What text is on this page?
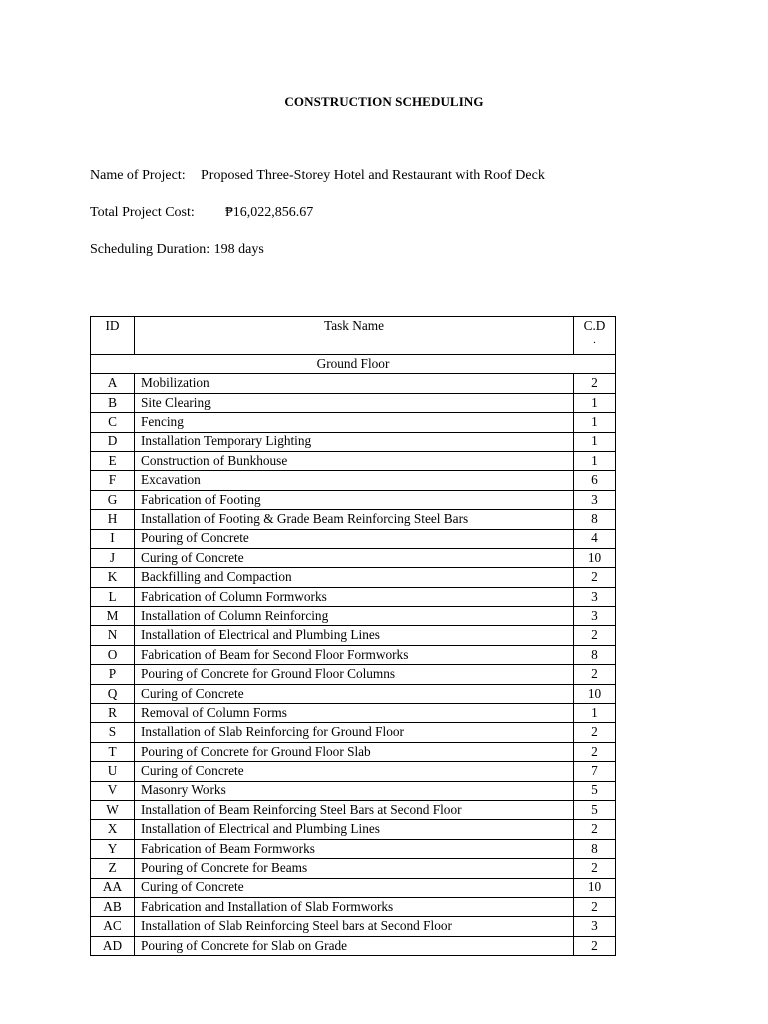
CONSTRUCTION SCHEDULING
Name of Project: Proposed Three-Storey Hotel and Restaurant with Roof Deck
Total Project Cost: ₱16,022,856.67
Scheduling Duration: 198 days
ID	Task Name	C.D
.

Ground Floor		
A	Mobilization	2
B	Site Clearing	1
C	Fencing	1
D	Installation Temporary Lighting	1
E	Construction of Bunkhouse	1
F	Excavation	6
G	Fabrication of Footing	3
H	Installation of Footing & Grade Beam Reinforcing Steel Bars	8
I	Pouring of Concrete	4
J	Curing of Concrete	10
K	Backfilling and Compaction	2
L	Fabrication of Column Formworks	3
M	Installation of Column Reinforcing	3
N	Installation of Electrical and Plumbing Lines	2
O	Fabrication of Beam for Second Floor Formworks	8
P	Pouring of Concrete for Ground Floor Columns	2
Q	Curing of Concrete	10
R	Removal of Column Forms	1
S	Installation of Slab Reinforcing for Ground Floor	2
T	Pouring of Concrete for Ground Floor Slab	2
U	Curing of Concrete	7
V	Masonry Works	5
W	Installation of Beam Reinforcing Steel Bars at Second Floor	5
X	Installation of Electrical and Plumbing Lines	2
Y	Fabrication of Beam Formworks	8
Z	Pouring of Concrete for Beams	2
AA	Curing of Concrete	10
AB	Fabrication and Installation of Slab Formworks	2
AC	Installation of Slab Reinforcing Steel bars at Second Floor	3
AD	Pouring of Concrete for Slab on Grade	2
